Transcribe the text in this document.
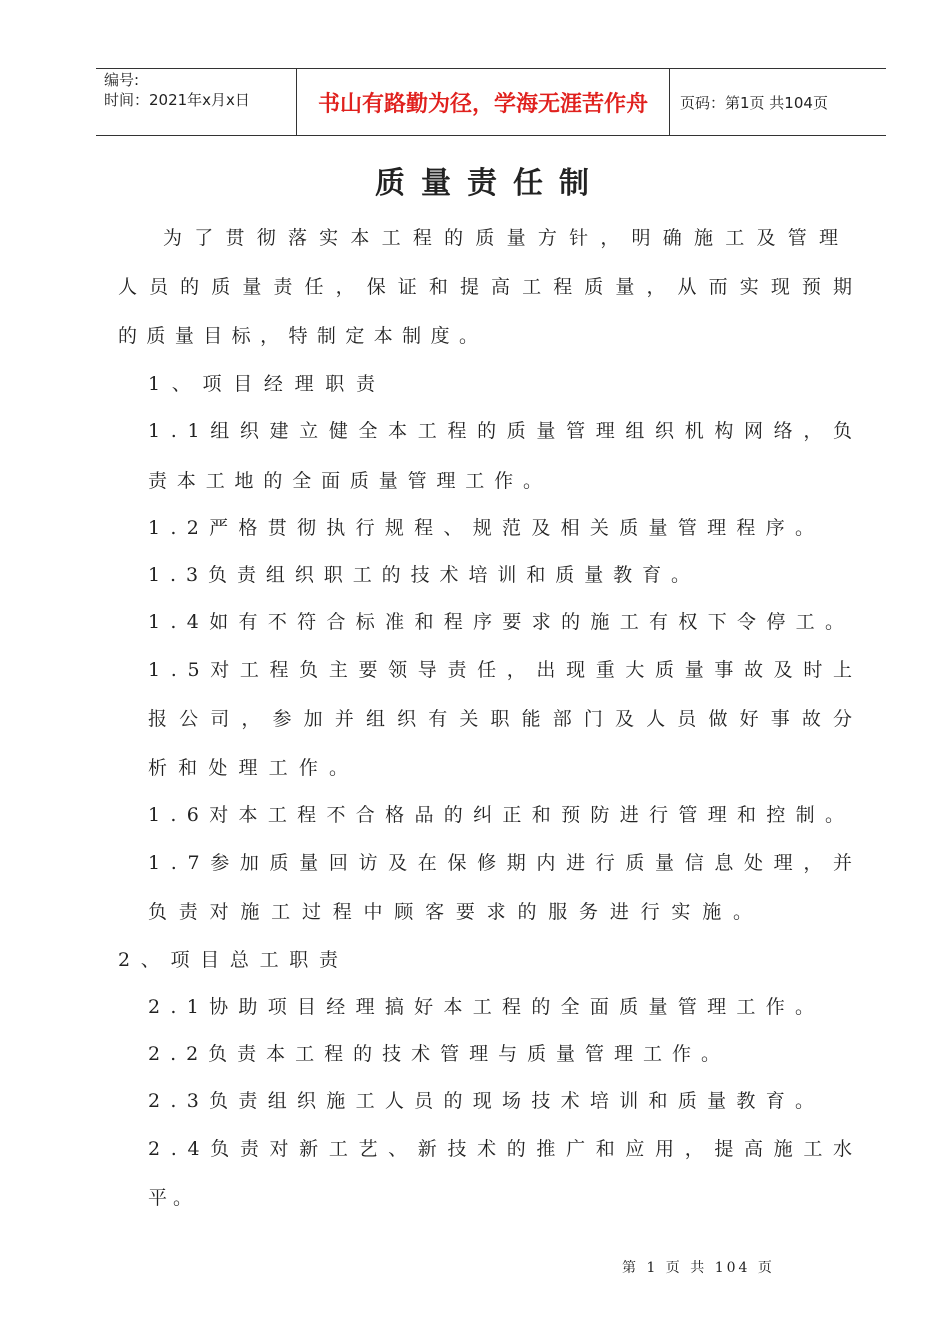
编号:
时间：2021年x月x日	书山有路勤为径，学海无涯苦作舟 页码：第1页 共104页
质量责任制
为了贯彻落实本工程的质量方针，明确施工及管理
人员的质量责任，保证和提高工程质量，从而实现预期
的质量目标，特制定本制度。
1、项目经理职责
1.1组织建立健全本工程的质量管理组织机构网络，负
责本工地的全面质量管理工作。
1.2严格贯彻执行规程、规范及相关质量管理程序。
1.3负责组织职工的技术培训和质量教育。
1.4如有不符合标准和程序要求的施工有权下令停工。
1.5对工程负主要领导责任，出现重大质量事故及时上
报公司，参加并组织有关职能部门及人员做好事故分
析和处理工作。
1.6对本工程不合格品的纠正和预防进行管理和控制。
1.7参加质量回访及在保修期内进行质量信息处理，并
负责对施工过程中顾客要求的服务进行实施。
2、项目总工职责
2.1协助项目经理搞好本工程的全面质量管理工作。
2.2负责本工程的技术管理与质量管理工作。
2.3负责组织施工人员的现场技术培训和质量教育。
2.4负责对新工艺、新技术的推广和应用，提高施工水
平。
第 1 页 共 104 页
